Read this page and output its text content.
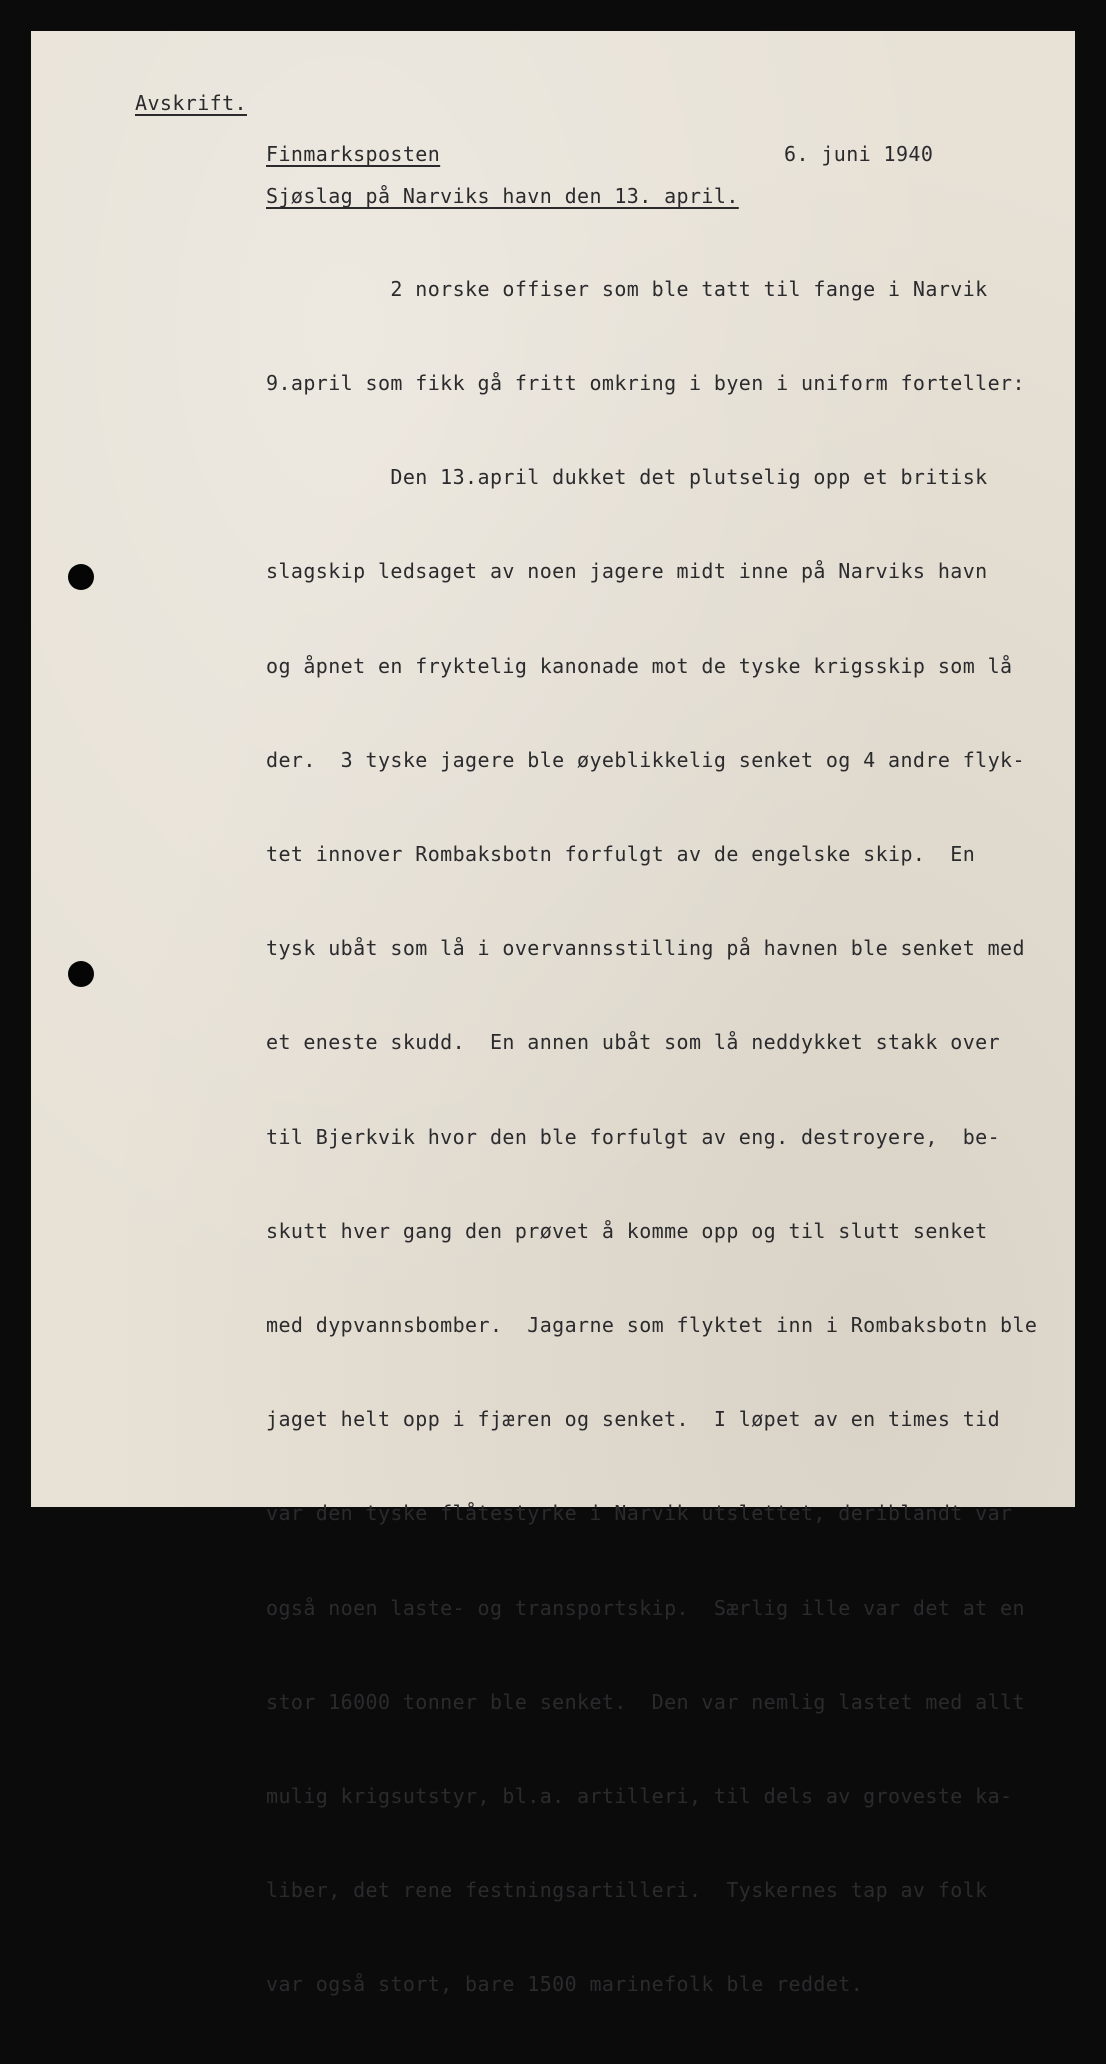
Avskrift.
Finmarksposten	6. juni 1940
Sjøslag på Narviks havn den 13. april.

2 norske offiser som ble tatt til fange i Narvik

9.april som fikk gå fritt omkring i byen i uniform forteller:

Den 13.april dukket det plutselig opp et britisk

slagskip ledsaget av noen jagere midt inne på Narviks havn

og åpnet en fryktelig kanonade mot de tyske krigsskip som lå

der.  3 tyske jagere ble øyeblikkelig senket og 4 andre flyk-

tet innover Rombaksbotn forfulgt av de engelske skip.  En

tysk ubåt som lå i overvannsstilling på havnen ble senket med

et eneste skudd.  En annen ubåt som lå neddykket stakk over

til Bjerkvik hvor den ble forfulgt av eng. destroyere,  be-

skutt hver gang den prøvet å komme opp og til slutt senket

med dypvannsbomber.  Jagarne som flyktet inn i Rombaksbotn ble

jaget helt opp i fjæren og senket.  I løpet av en times tid

var den tyske flåtestyrke i Narvik utslettet, deriblandt var

også noen laste- og transportskip.  Særlig ille var det at en

stor 16000 tonner ble senket.  Den var nemlig lastet med allt

mulig krigsutstyr, bl.a. artilleri, til dels av groveste ka-

liber, det rene festningsartilleri.  Tyskernes tap av folk

var også stort, bare 1500 marinefolk ble reddet.
